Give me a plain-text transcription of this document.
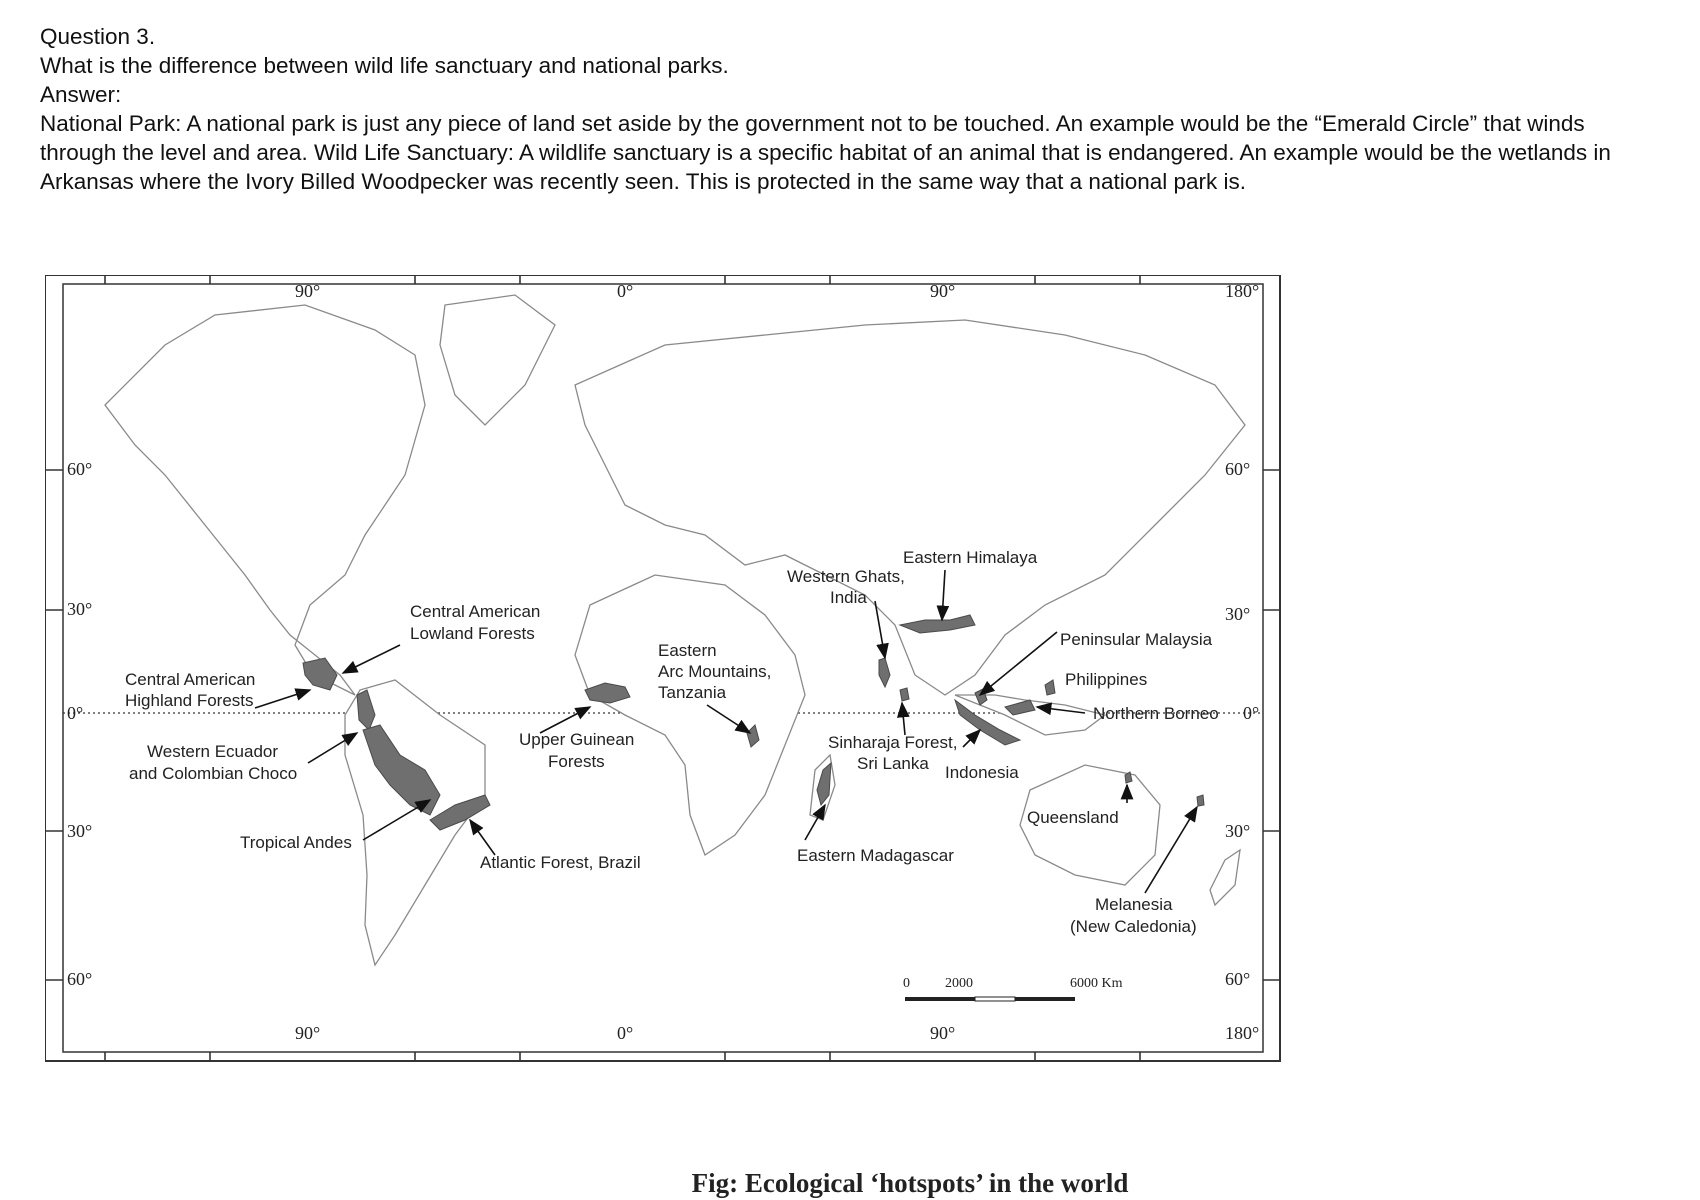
Question 3.
What is the difference between wild life sanctuary and national parks.
Answer:
National Park: A national park is just any piece of land set aside by the government not to be touched. An example would be the “Emerald Circle” that winds through the level and area. Wild Life Sanctuary: A wildlife sanctuary is a specific habitat of an animal that is endangered. An example would be the wetlands in Arkansas where the Ivory Billed Woodpecker was recently seen. This is protected in the same way that a national park is.
90°	0°	90°	180°
60°
30°
0°
30°
60°
60°
30°
0°
30°
60°
90°	0°	90°	180°
Central American
Lowland Forests
Central American
Highland Forests
Western Ecuador
and Colombian Choco
Tropical Andes
Atlantic Forest, Brazil
Upper Guinean
Forests
Eastern
Arc Mountains,
Tanzania
Eastern Madagascar
Western Ghats,
India
Eastern Himalaya
Sinharaja Forest,
Sri Lanka Indonesia
Peninsular Malaysia
Philippines
Northern Borneo
Queensland
Melanesia
(New Caledonia)
0	2000	6000 Km
Fig: Ecological ‘hotspots’ in the world
